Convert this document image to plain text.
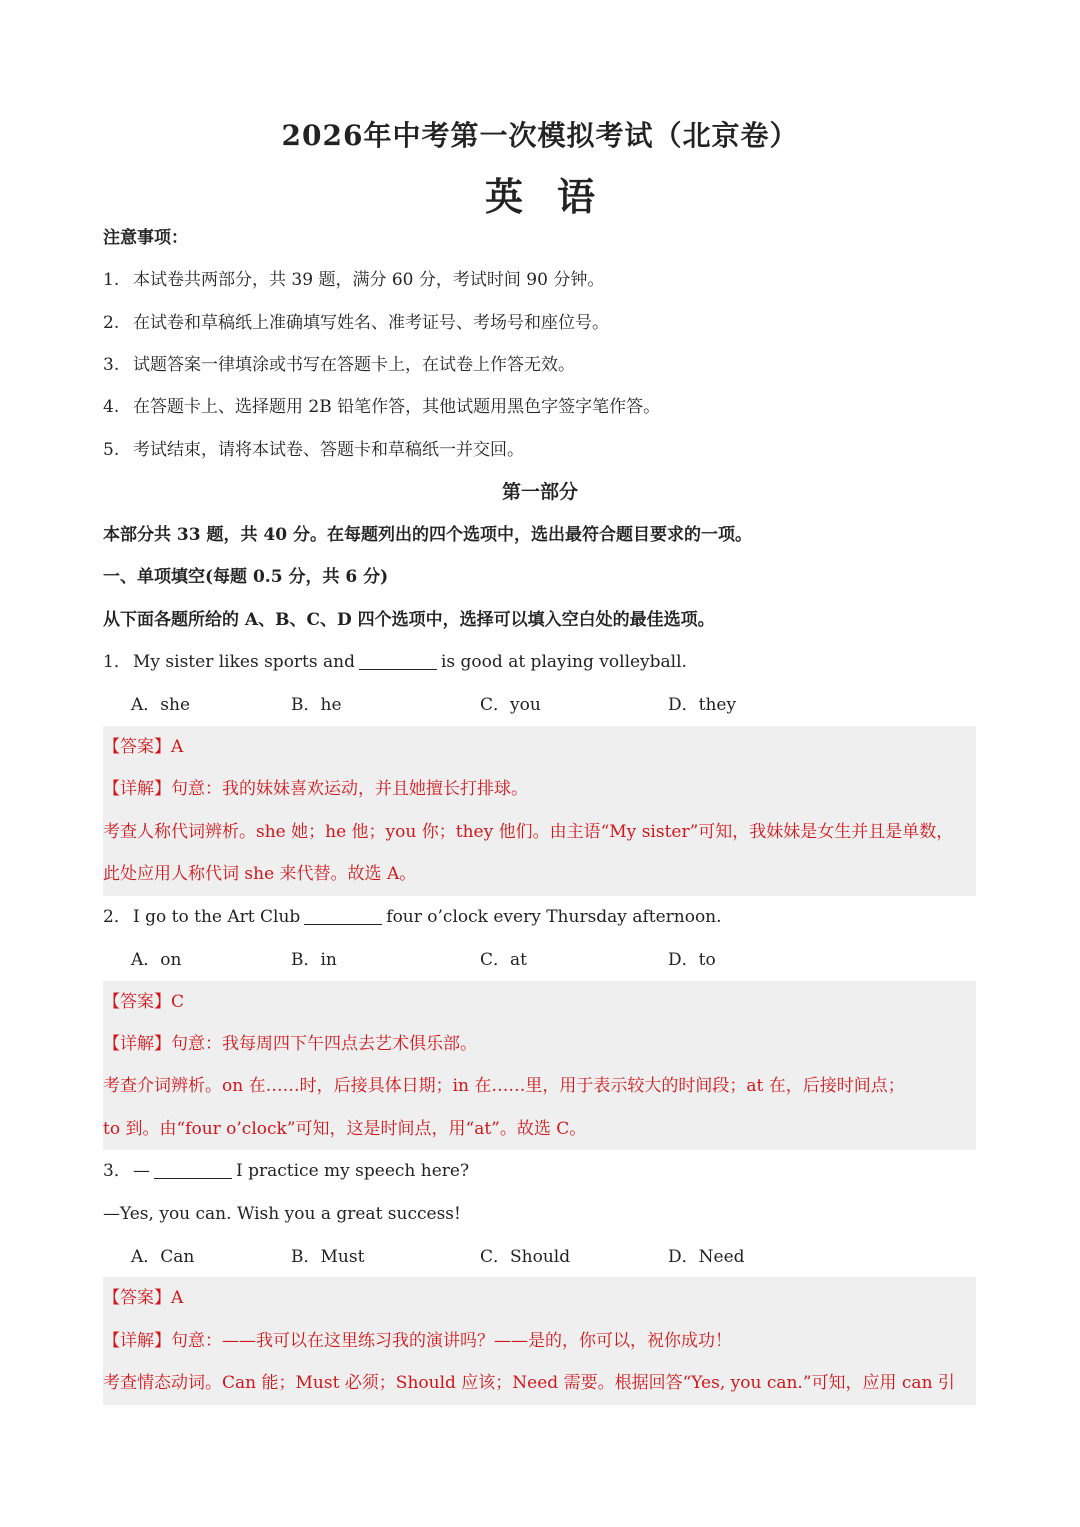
2026年中考第一次模拟考试（北京卷）
英语
注意事项：
1. 本试卷共两部分，共 39 题，满分 60 分，考试时间 90 分钟。
2. 在试卷和草稿纸上准确填写姓名、准考证号、考场号和座位号。
3. 试题答案一律填涂或书写在答题卡上，在试卷上作答无效。
4. 在答题卡上、选择题用 2B 铅笔作答，其他试题用黑色字签字笔作答。
5. 考试结束，请将本试卷、答题卡和草稿纸一并交回。
第一部分
本部分共 33 题，共 40 分。在每题列出的四个选项中，选出最符合题目要求的一项。
一、单项填空(每题 0.5 分，共 6 分)
从下面各题所给的 A、B、C、D 四个选项中，选择可以填入空白处的最佳选项。
1． My sister likes sports and	is good at playing volleyball.
A．she	B．he	C．you	D．they
【答案】A
【详解】句意：我的妹妹喜欢运动，并且她擅长打排球。
考查人称代词辨析。she 她；he 他；you 你；they 他们。由主语“My sister”可知，我妹妹是女生并且是单数，
此处应用人称代词 she 来代替。故选 A。
2． I go to the Art Club	four o’clock every Thursday afternoon.
A．on	B．in	C．at	D．to
【答案】C
【详解】句意：我每周四下午四点去艺术俱乐部。
考查介词辨析。on 在……时，后接具体日期；in 在……里，用于表示较大的时间段；at 在，后接时间点；
to 到。由“four o’clock”可知，这是时间点，用“at”。故选 C。
3． —	I practice my speech here?
—Yes, you can. Wish you a great success!
A．Can	B．Must	C．Should	D．Need
【答案】A
【详解】句意：——我可以在这里练习我的演讲吗？——是的，你可以，祝你成功！
考查情态动词。Can 能；Must 必须；Should 应该；Need 需要。根据回答“Yes, you can.”可知，应用 can 引
